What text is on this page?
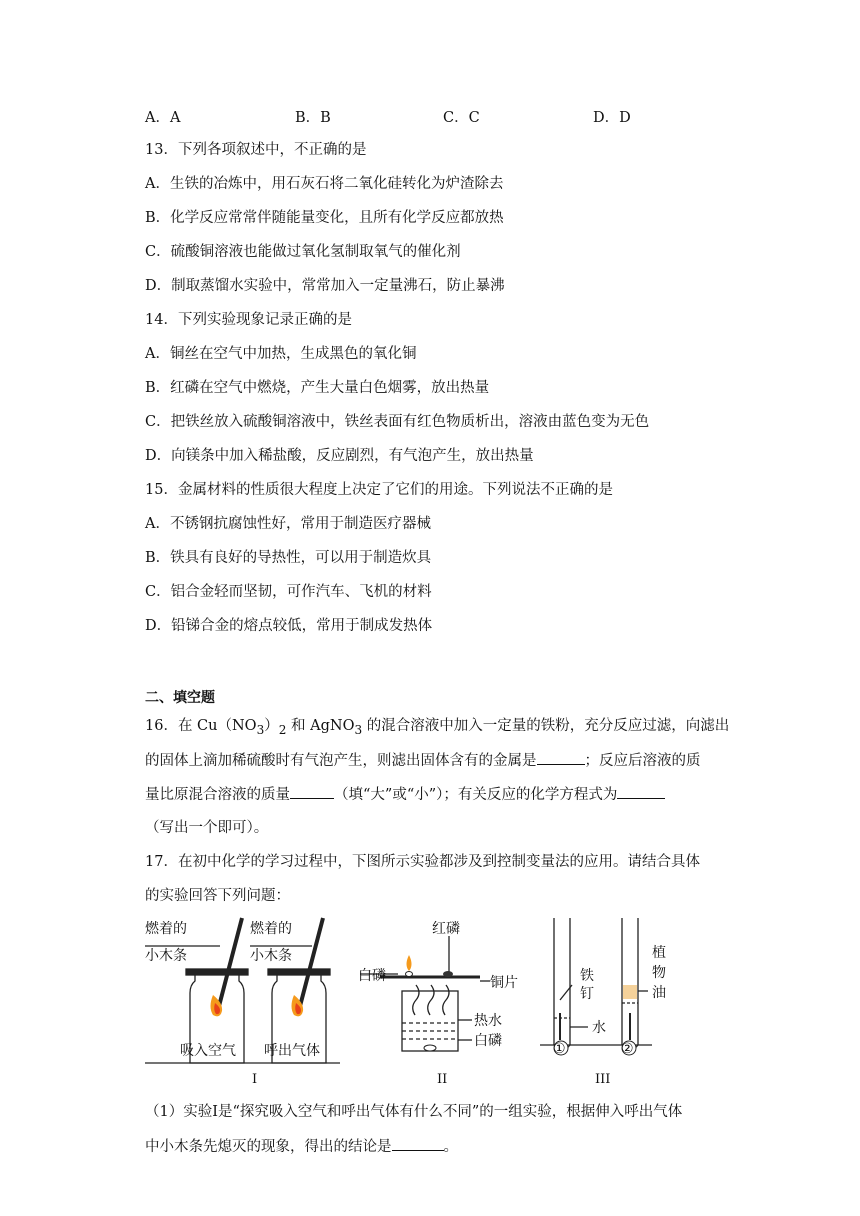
A．A	B．B	C．C	D．D
13．下列各项叙述中，不正确的是
A．生铁的冶炼中，用石灰石将二氧化硅转化为炉渣除去
B．化学反应常常伴随能量变化，且所有化学反应都放热
C．硫酸铜溶液也能做过氧化氢制取氧气的催化剂
D．制取蒸馏水实验中，常常加入一定量沸石，防止暴沸
14．下列实验现象记录正确的是
A．铜丝在空气中加热，生成黑色的氧化铜
B．红磷在空气中燃烧，产生大量白色烟雾，放出热量
C．把铁丝放入硫酸铜溶液中，铁丝表面有红色物质析出，溶液由蓝色变为无色
D．向镁条中加入稀盐酸，反应剧烈，有气泡产生，放出热量
15．金属材料的性质很大程度上决定了它们的用途。下列说法不正确的是
A．不锈钢抗腐蚀性好，常用于制造医疗器械
B．铁具有良好的导热性，可以用于制造炊具
C．铝合金轻而坚韧，可作汽车、飞机的材料
D．铅锑合金的熔点较低，常用于制成发热体
二、填空题
16．在 $Cu(NO_3)_2$ 和 AgNO$_3$ 的混合溶液中加入一定量的铁粉，充分反应过滤，向滤出
的固体上滴加稀硫酸时有气泡产生，则滤出固体含有的金属是	；反应后溶液的质
量比原混合溶液的质量	（填“大”或“小”）；有关反应的化学方程式为
（写出一个即可）。
17．在初中化学的学习过程中，下图所示实验都涉及到控制变量法的应用。请结合具体
的实验回答下列问题：
燃着的
小木条
燃着的
小木条
吸入空气 呼出气体
I
红磷
白磷	铜片
热水
白磷
II
①	②
铁
钉
植
物
油
水
III
（1）实验Ⅰ是“探究吸入空气和呼出气体有什么不同”的一组实验，根据伸入呼出气体
中小木条先熄灭的现象，得出的结论是	。
